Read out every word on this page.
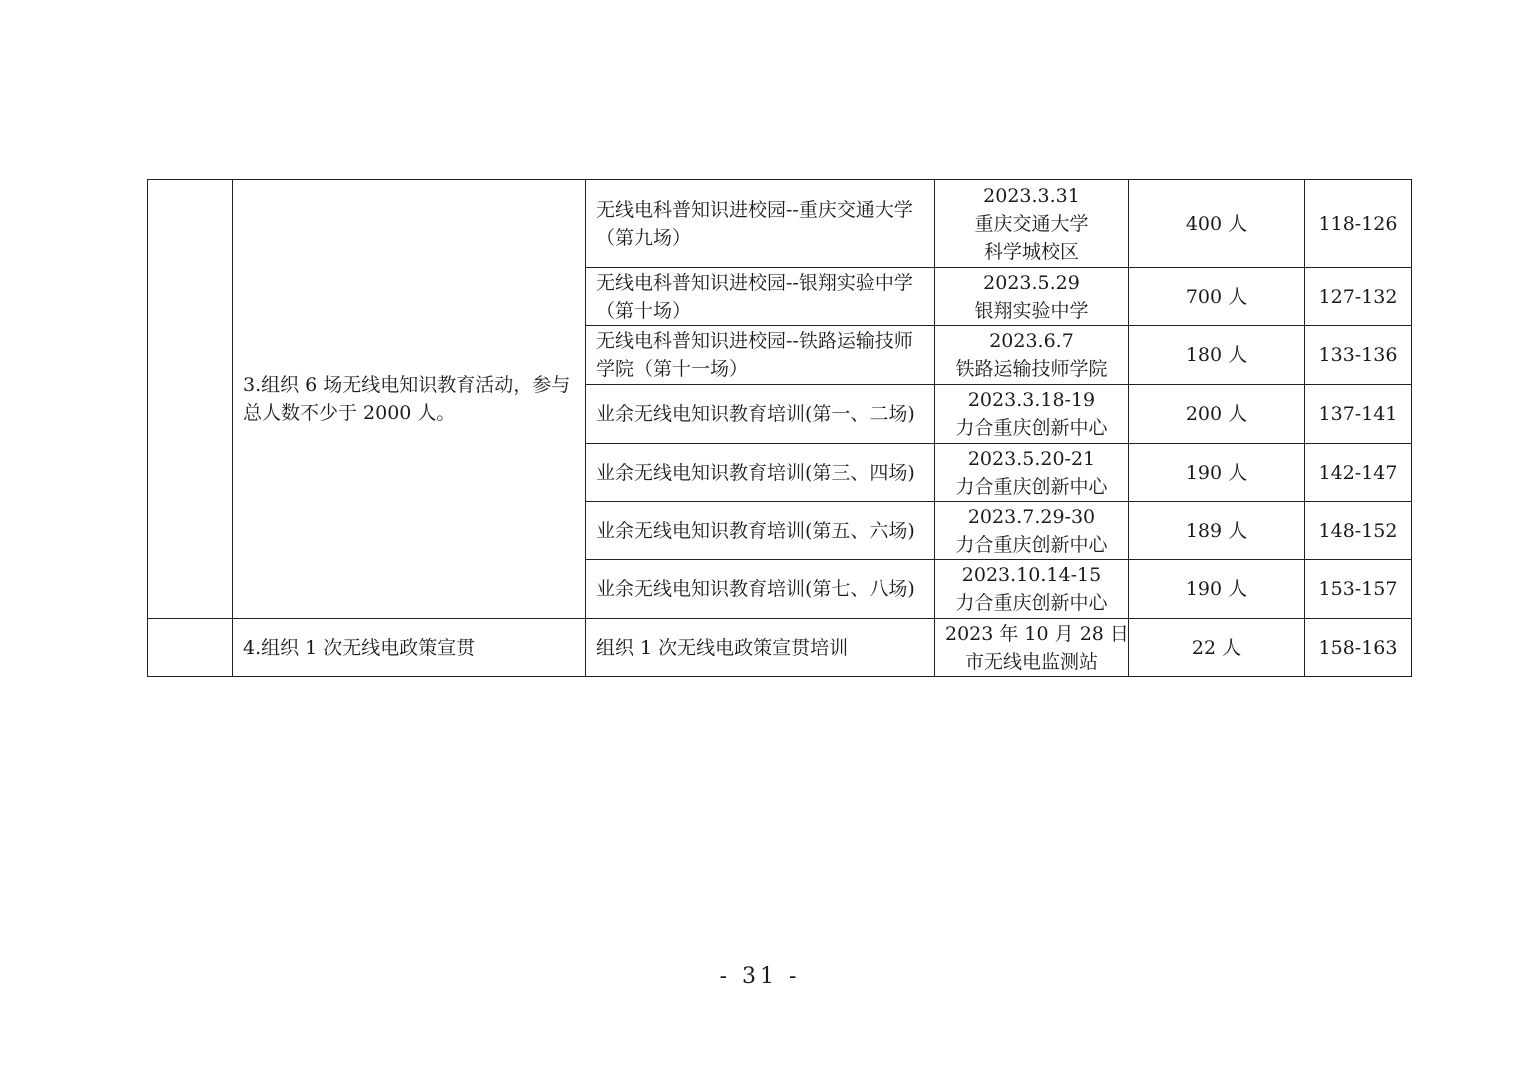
	3.组织 6 场无线电知识教育活动，参与总人数不少于 2000 人。	无线电科普知识进校园--重庆交通大学（第九场）	2023.3.31
重庆交通大学
科学城校区	400 人	118-126
		无线电科普知识进校园--银翔实验中学（第十场）	2023.5.29
银翔实验中学	700 人	127-132
		无线电科普知识进校园--铁路运输技师学院（第十一场）	2023.6.7
铁路运输技师学院	180 人	133-136
		业余无线电知识教育培训(第一、二场)	2023.3.18-19
力合重庆创新中心	200 人	137-141
		业余无线电知识教育培训(第三、四场)	2023.5.20-21
力合重庆创新中心	190 人	142-147
		业余无线电知识教育培训(第五、六场)	2023.7.29-30
力合重庆创新中心	189 人	148-152
		业余无线电知识教育培训(第七、八场)	2023.10.14-15
力合重庆创新中心	190 人	153-157
	4.组织 1 次无线电政策宣贯	组织 1 次无线电政策宣贯培训	2023 年 10 月 28 日
市无线电监测站	22 人	158-163
- 31 -
